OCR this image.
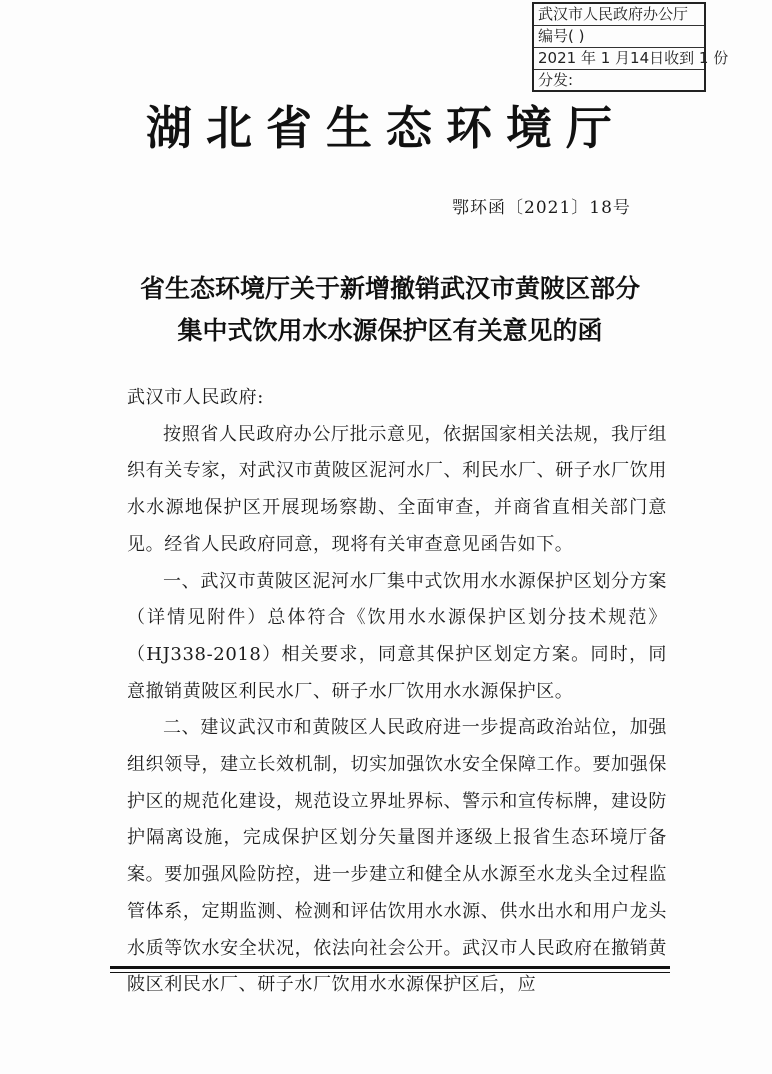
武汉市人民政府办公厅
编号( )
2021 年 1 月14日收到 1 份
分发:
湖北省生态环境厅
鄂环函〔2021〕18号
省生态环境厅关于新增撤销武汉市黄陂区部分
集中式饮用水水源保护区有关意见的函

武汉市人民政府:

按照省人民政府办公厅批示意见，依据国家相关法规，我厅组织有关专家，对武汉市黄陂区泥河水厂、利民水厂、研子水厂饮用水水源地保护区开展现场察勘、全面审查，并商省直相关部门意见。经省人民政府同意，现将有关审查意见函告如下。

一、武汉市黄陂区泥河水厂集中式饮用水水源保护区划分方案（详情见附件）总体符合《饮用水水源保护区划分技术规范》（HJ338-2018）相关要求，同意其保护区划定方案。同时，同意撤销黄陂区利民水厂、研子水厂饮用水水源保护区。

二、建议武汉市和黄陂区人民政府进一步提高政治站位，加强组织领导，建立长效机制，切实加强饮水安全保障工作。要加强保护区的规范化建设，规范设立界址界标、警示和宣传标牌，建设防护隔离设施，完成保护区划分矢量图并逐级上报省生态环境厅备案。要加强风险防控，进一步建立和健全从水源至水龙头全过程监管体系，定期监测、检测和评估饮用水水源、供水出水和用户龙头水质等饮水安全状况，依法向社会公开。武汉市人民政府在撤销黄陂区利民水厂、研子水厂饮用水水源保护区后，应
